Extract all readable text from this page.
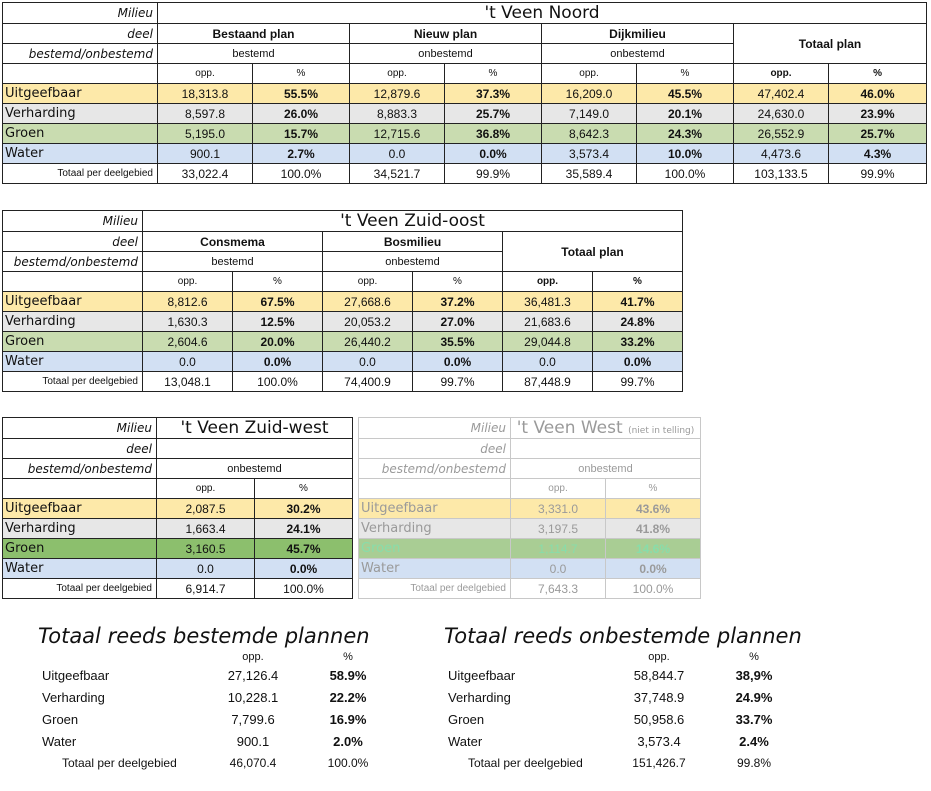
Milieu	't Veen Noord							
deel	Bestaand plan		Nieuw plan		Dijkmilieu		Totaal plan	
bestemd/onbestemd	bestemd		onbestemd		onbestemd			
	opp.	%	opp.	%	opp.	%	opp.	%
Uitgeefbaar	18,313.8	55.5%	12,879.6	37.3%	16,209.0	45.5%	47,402.4	46.0%
Verharding	8,597.8	26.0%	8,883.3	25.7%	7,149.0	20.1%	24,630.0	23.9%
Groen	5,195.0	15.7%	12,715.6	36.8%	8,642.3	24.3%	26,552.9	25.7%
Water	900.1	2.7%	0.0	0.0%	3,573.4	10.0%	4,473.6	4.3%
Totaal per deelgebied	33,022.4	100.0%	34,521.7	99.9%	35,589.4	100.0%	103,133.5	99.9%
Milieu	't Veen Zuid-oost					
deel	Consmema		Bosmilieu		Totaal plan	
bestemd/onbestemd	bestemd		onbestemd			
	opp.	%	opp.	%	opp.	%
Uitgeefbaar	8,812.6	67.5%	27,668.6	37.2%	36,481.3	41.7%
Verharding	1,630.3	12.5%	20,053.2	27.0%	21,683.6	24.8%
Groen	2,604.6	20.0%	26,440.2	35.5%	29,044.8	33.2%
Water	0.0	0.0%	0.0	0.0%	0.0	0.0%
Totaal per deelgebied	13,048.1	100.0%	74,400.9	99.7%	87,448.9	99.7%
Milieu	't Veen Zuid-west	
deel		
bestemd/onbestemd	onbestemd	
	opp.	%
Uitgeefbaar	2,087.5	30.2%
Verharding	1,663.4	24.1%
Groen	3,160.5	45.7%
Water	0.0	0.0%
Totaal per deelgebied	6,914.7	100.0%
Milieu	't Veen West (niet in telling)	
deel		
bestemd/onbestemd	onbestemd	
	opp.	%
Uitgeefbaar	3,331.0	43.6%
Verharding	3,197.5	41.8%
Groen	1,114.7	14.6%
Water	0.0	0.0%
Totaal per deelgebied	7,643.3	100.0%
Totaal reeds bestemde plannen
	opp.	%
Uitgeefbaar	27,126.4	58.9%
Verharding	10,228.1	22.2%
Groen	7,799.6	16.9%
Water	900.1	2.0%
Totaal per deelgebied	46,070.4	100.0%
Totaal reeds onbestemde plannen
	opp.	%
Uitgeefbaar	58,844.7	38,9%
Verharding	37,748.9	24.9%
Groen	50,958.6	33.7%
Water	3,573.4	2.4%
Totaal per deelgebied	151,426.7	99.8%
